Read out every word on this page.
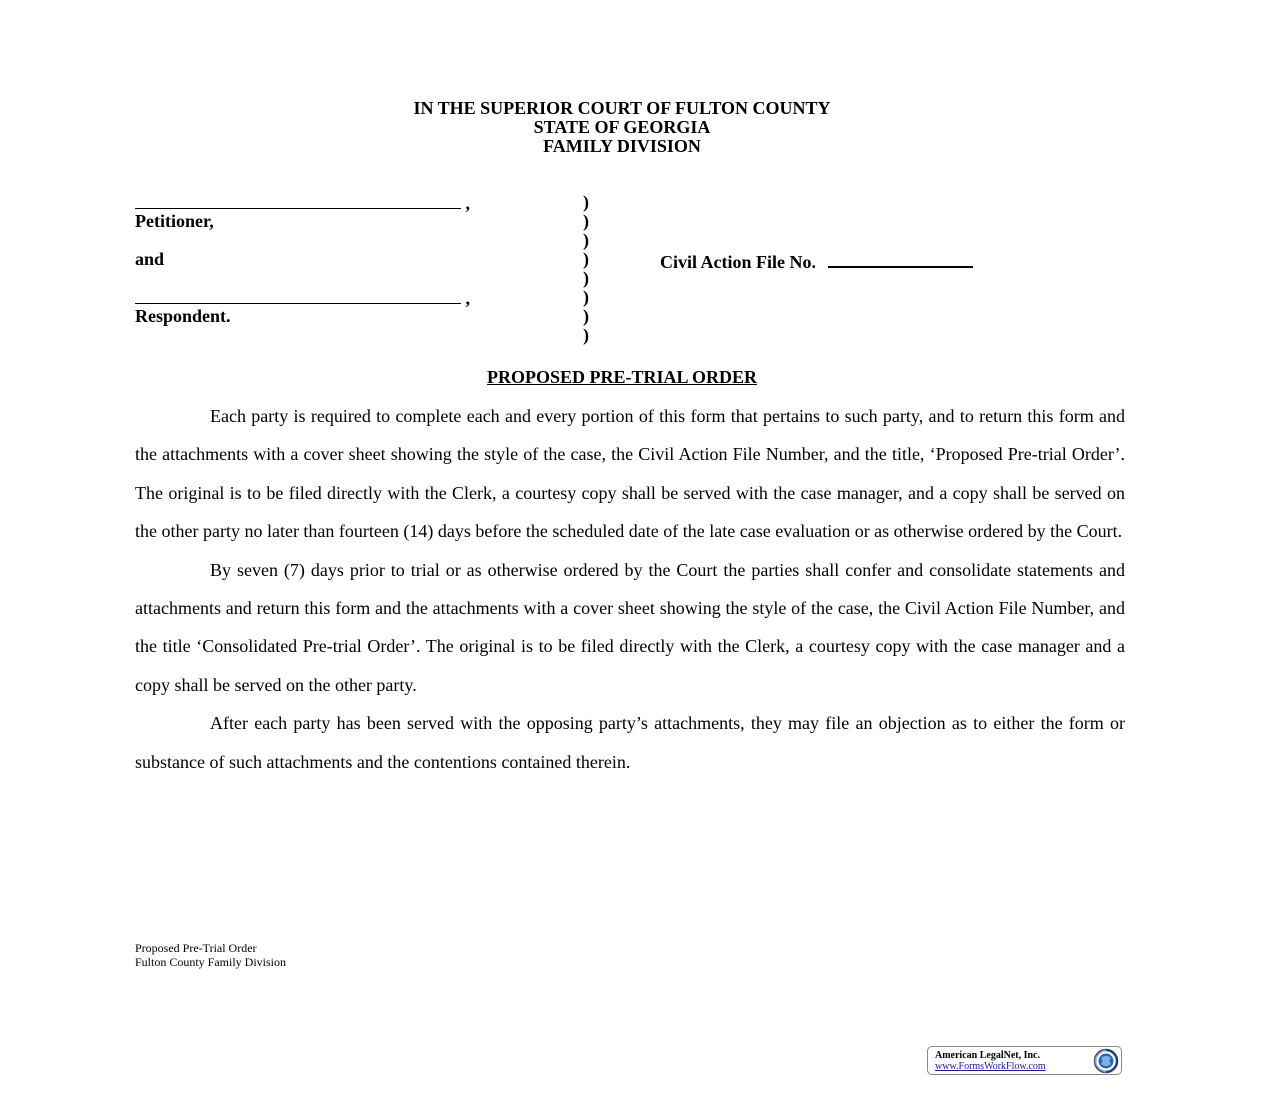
IN THE SUPERIOR COURT OF FULTON COUNTY
STATE OF GEORGIA
FAMILY DIVISION
,
Petitioner,
and
,
Respondent.
)
)
)
)
)
)
)
)
Civil Action File No.
PROPOSED PRE-TRIAL ORDER

Each party is required to complete each and every portion of this form that pertains to such party, and to return this form and the attachments with a cover sheet showing the style of the case, the Civil Action File Number, and the title, ‘Proposed Pre-trial Order’. The original is to be filed directly with the Clerk, a courtesy copy shall be served with the case manager, and a copy shall be served on the other party no later than fourteen (14) days before the scheduled date of the late case evaluation or as otherwise ordered by the Court.

By seven (7) days prior to trial or as otherwise ordered by the Court the parties shall confer and consolidate statements and attachments and return this form and the attachments with a cover sheet showing the style of the case, the Civil Action File Number, and the title ‘Consolidated Pre-trial Order’. The original is to be filed directly with the Clerk, a courtesy copy with the case manager and a copy shall be served on the other party.

After each party has been served with the opposing party’s attachments, they may file an objection as to either the form or substance of such attachments and the contentions contained therein.

Proposed Pre-Trial Order
Fulton County Family Division
American LegalNet, Inc.
www.FormsWorkFlow.com
